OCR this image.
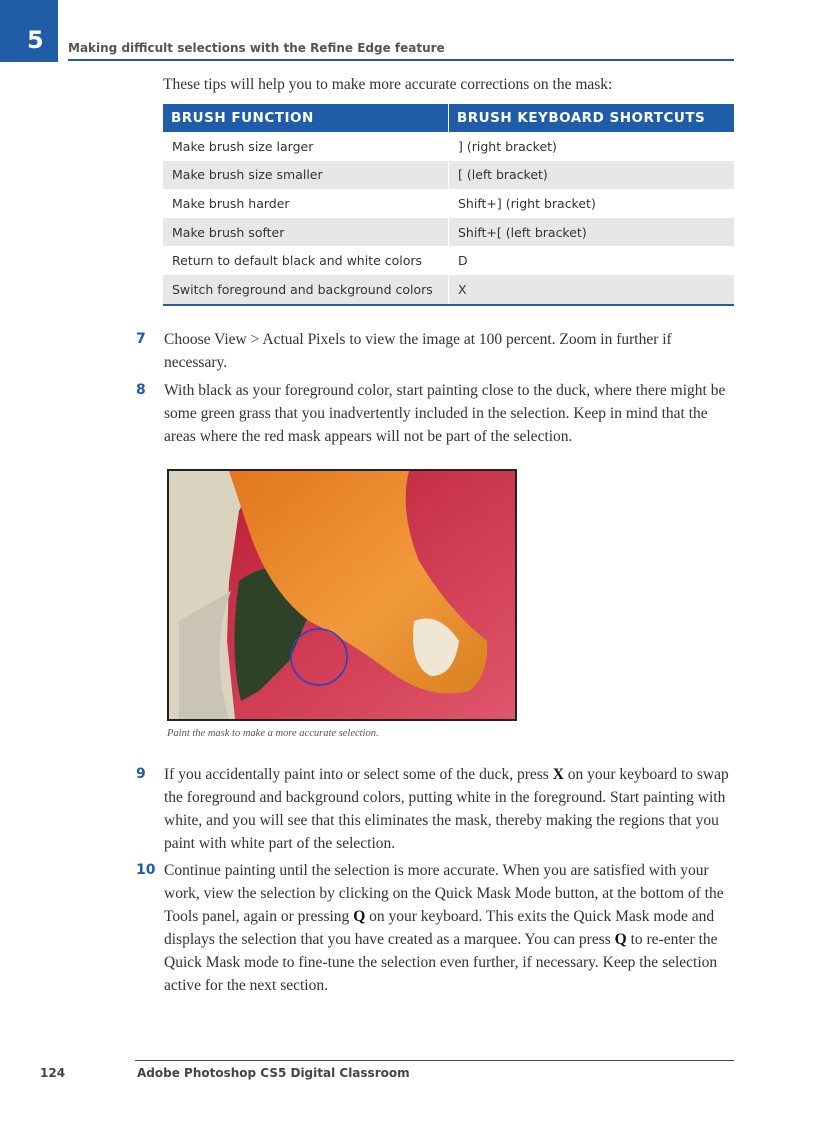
5 Making difficult selections with the Refine Edge feature
These tips will help you to make more accurate corrections on the mask:
BRUSH FUNCTION	BRUSH KEYBOARD SHORTCUTS
Make brush size larger	] (right bracket)
Make brush size smaller	[ (left bracket)
Make brush harder	Shift+] (right bracket)
Make brush softer	Shift+[ (left bracket)
Return to default black and white colors	D
Switch foreground and background colors	X
7 Choose View > Actual Pixels to view the image at 100 percent. Zoom in further if necessary.
8 With black as your foreground color, start painting close to the duck, where there might be some green grass that you inadvertently included in the selection. Keep in mind that the areas where the red mask appears will not be part of the selection.
Paint the mask to make a more accurate selection.
9 If you accidentally paint into or select some of the duck, press X on your keyboard to swap the foreground and background colors, putting white in the foreground. Start painting with white, and you will see that this eliminates the mask, thereby making the regions that you paint with white part of the selection.
10 Continue painting until the selection is more accurate. When you are satisfied with your work, view the selection by clicking on the Quick Mask Mode button, at the bottom of the Tools panel, again or pressing Q on your keyboard. This exits the Quick Mask mode and displays the selection that you have created as a marquee. You can press Q to re-enter the Quick Mask mode to fine-tune the selection even further, if necessary. Keep the selection active for the next section.
124	Adobe Photoshop CS5 Digital Classroom
